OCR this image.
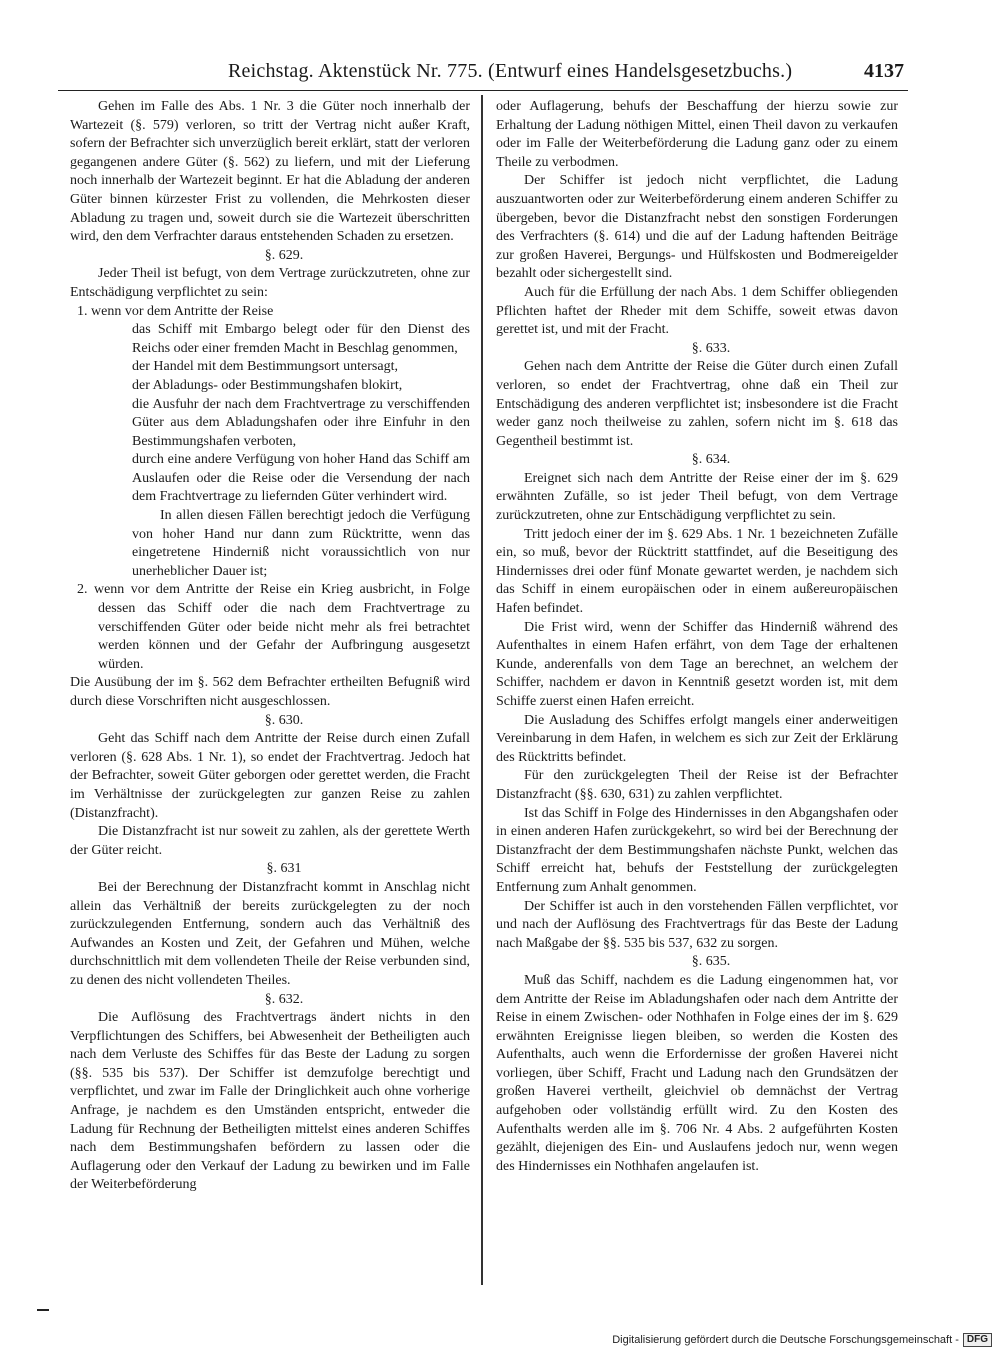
Reichstag. Aktenstück Nr. 775. (Entwurf eines Handelsgesetzbuchs.)	4137

Gehen im Falle des Abs. 1 Nr. 3 die Güter noch innerhalb der Wartezeit (§. 579) verloren, so tritt der Vertrag nicht außer Kraft, sofern der Befrachter sich unverzüglich bereit erklärt, statt der verloren gegangenen andere Güter (§. 562) zu liefern, und mit der Lieferung noch innerhalb der Wartezeit beginnt. Er hat die Abladung der anderen Güter binnen kürzester Frist zu vollenden, die Mehrkosten dieser Abladung zu tragen und, soweit durch sie die Wartezeit überschritten wird, den dem Verfrachter daraus entstehenden Schaden zu ersetzen.

§. 629.

Jeder Theil ist befugt, von dem Vertrage zurückzutreten, ohne zur Entschädigung verpflichtet zu sein:

1. wenn vor dem Antritte der Reise

das Schiff mit Embargo belegt oder für den Dienst des Reichs oder einer fremden Macht in Beschlag genommen,

der Handel mit dem Bestimmungsort untersagt,

der Abladungs- oder Bestimmungshafen blokirt,

die Ausfuhr der nach dem Frachtvertrage zu verschiffenden Güter aus dem Abladungshafen oder ihre Einfuhr in den Bestimmungshafen verboten,

durch eine andere Verfügung von hoher Hand das Schiff am Auslaufen oder die Reise oder die Versendung der nach dem Frachtvertrage zu liefernden Güter verhindert wird.

In allen diesen Fällen berechtigt jedoch die Verfügung von hoher Hand nur dann zum Rücktritte, wenn das eingetretene Hinderniß nicht voraussichtlich von nur unerheblicher Dauer ist;

2. wenn vor dem Antritte der Reise ein Krieg ausbricht, in Folge dessen das Schiff oder die nach dem Frachtvertrage zu verschiffenden Güter oder beide nicht mehr als frei betrachtet werden können und der Gefahr der Aufbringung ausgesetzt würden.

Die Ausübung der im §. 562 dem Befrachter ertheilten Befugniß wird durch diese Vorschriften nicht ausgeschlossen.

§. 630.

Geht das Schiff nach dem Antritte der Reise durch einen Zufall verloren (§. 628 Abs. 1 Nr. 1), so endet der Frachtvertrag. Jedoch hat der Befrachter, soweit Güter geborgen oder gerettet werden, die Fracht im Verhältnisse der zurückgelegten zur ganzen Reise zu zahlen (Distanzfracht).

Die Distanzfracht ist nur soweit zu zahlen, als der gerettete Werth der Güter reicht.

§. 631

Bei der Berechnung der Distanzfracht kommt in Anschlag nicht allein das Verhältniß der bereits zurückgelegten zu der noch zurückzulegenden Entfernung, sondern auch das Verhältniß des Aufwandes an Kosten und Zeit, der Gefahren und Mühen, welche durchschnittlich mit dem vollendeten Theile der Reise verbunden sind, zu denen des nicht vollendeten Theiles.

§. 632.

Die Auflösung des Frachtvertrags ändert nichts in den Verpflichtungen des Schiffers, bei Abwesenheit der Betheiligten auch nach dem Verluste des Schiffes für das Beste der Ladung zu sorgen (§§. 535 bis 537). Der Schiffer ist demzufolge berechtigt und verpflichtet, und zwar im Falle der Dringlichkeit auch ohne vorherige Anfrage, je nachdem es den Umständen entspricht, entweder die Ladung für Rechnung der Betheiligten mittelst eines anderen Schiffes nach dem Bestimmungshafen befördern zu lassen oder die Auflagerung oder den Verkauf der Ladung zu bewirken und im Falle der Weiterbeförderung

oder Auflagerung, behufs der Beschaffung der hierzu sowie zur Erhaltung der Ladung nöthigen Mittel, einen Theil davon zu verkaufen oder im Falle der Weiterbeförderung die Ladung ganz oder zu einem Theile zu verbodmen.

Der Schiffer ist jedoch nicht verpflichtet, die Ladung auszuantworten oder zur Weiterbeförderung einem anderen Schiffer zu übergeben, bevor die Distanzfracht nebst den sonstigen Forderungen des Verfrachters (§. 614) und die auf der Ladung haftenden Beiträge zur großen Haverei, Bergungs- und Hülfskosten und Bodmereigelder bezahlt oder sichergestellt sind.

Auch für die Erfüllung der nach Abs. 1 dem Schiffer obliegenden Pflichten haftet der Rheder mit dem Schiffe, soweit etwas davon gerettet ist, und mit der Fracht.

§. 633.

Gehen nach dem Antritte der Reise die Güter durch einen Zufall verloren, so endet der Frachtvertrag, ohne daß ein Theil zur Entschädigung des anderen verpflichtet ist; insbesondere ist die Fracht weder ganz noch theilweise zu zahlen, sofern nicht im §. 618 das Gegentheil bestimmt ist.

§. 634.

Ereignet sich nach dem Antritte der Reise einer der im §. 629 erwähnten Zufälle, so ist jeder Theil befugt, von dem Vertrage zurückzutreten, ohne zur Entschädigung verpflichtet zu sein.

Tritt jedoch einer der im §. 629 Abs. 1 Nr. 1 bezeichneten Zufälle ein, so muß, bevor der Rücktritt stattfindet, auf die Beseitigung des Hindernisses drei oder fünf Monate gewartet werden, je nachdem sich das Schiff in einem europäischen oder in einem außereuropäischen Hafen befindet.

Die Frist wird, wenn der Schiffer das Hinderniß während des Aufenthaltes in einem Hafen erfährt, von dem Tage der erhaltenen Kunde, anderenfalls von dem Tage an berechnet, an welchem der Schiffer, nachdem er davon in Kenntniß gesetzt worden ist, mit dem Schiffe zuerst einen Hafen erreicht.

Die Ausladung des Schiffes erfolgt mangels einer anderweitigen Vereinbarung in dem Hafen, in welchem es sich zur Zeit der Erklärung des Rücktritts befindet.

Für den zurückgelegten Theil der Reise ist der Befrachter Distanzfracht (§§. 630, 631) zu zahlen verpflichtet.

Ist das Schiff in Folge des Hindernisses in den Abgangshafen oder in einen anderen Hafen zurückgekehrt, so wird bei der Berechnung der Distanzfracht der dem Bestimmungshafen nächste Punkt, welchen das Schiff erreicht hat, behufs der Feststellung der zurückgelegten Entfernung zum Anhalt genommen.

Der Schiffer ist auch in den vorstehenden Fällen verpflichtet, vor und nach der Auflösung des Frachtvertrags für das Beste der Ladung nach Maßgabe der §§. 535 bis 537, 632 zu sorgen.

§. 635.

Muß das Schiff, nachdem es die Ladung eingenommen hat, vor dem Antritte der Reise im Abladungshafen oder nach dem Antritte der Reise in einem Zwischen- oder Nothhafen in Folge eines der im §. 629 erwähnten Ereignisse liegen bleiben, so werden die Kosten des Aufenthalts, auch wenn die Erfordernisse der großen Haverei nicht vorliegen, über Schiff, Fracht und Ladung nach den Grundsätzen der großen Haverei vertheilt, gleichviel ob demnächst der Vertrag aufgehoben oder vollständig erfüllt wird. Zu den Kosten des Aufenthalts werden alle im §. 706 Nr. 4 Abs. 2 aufgeführten Kosten gezählt, diejenigen des Ein- und Auslaufens jedoch nur, wenn wegen des Hindernisses ein Nothhafen angelaufen ist.

Digitalisierung gefördert durch die Deutsche Forschungsgemeinschaft - DFG
